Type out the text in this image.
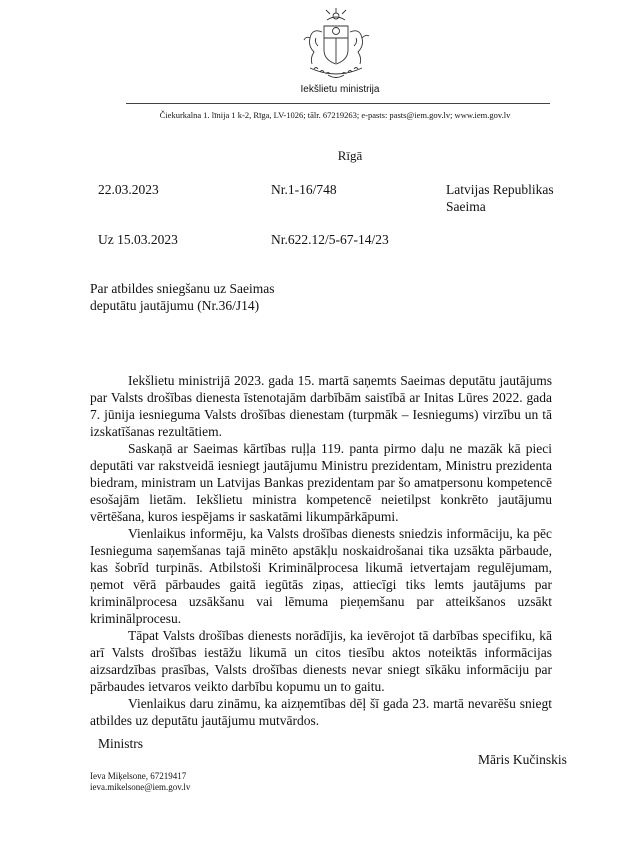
Iekšlietu ministrija
Čiekurkalna 1. līnija 1 k-2, Rīga, LV-1026; tālr. 67219263; e-pasts: pasts@iem.gov.lv; www.iem.gov.lv
Rīgā
22.03.2023	Nr.1-16/748	Latvijas Republikas
Saeima
Uz 15.03.2023	Nr.622.12/5-67-14/23
Par atbildes sniegšanu uz Saeimas
deputātu jautājumu (Nr.36/J14)

Iekšlietu ministrijā 2023. gada 15. martā saņemts Saeimas deputātu jautājums par Valsts drošības dienesta īstenotajām darbībām saistībā ar Initas Lūres 2022. gada 7. jūnija iesnieguma Valsts drošības dienestam (turpmāk – Iesniegums) virzību un tā izskatīšanas rezultātiem.

Saskaņā ar Saeimas kārtības ruļļa 119. panta pirmo daļu ne mazāk kā pieci deputāti var rakstveidā iesniegt jautājumu Ministru prezidentam, Ministru prezidenta biedram, ministram un Latvijas Bankas prezidentam par šo amatpersonu kompetencē esošajām lietām. Iekšlietu ministra kompetencē neietilpst konkrēto jautājumu vērtēšana, kuros iespējams ir saskatāmi likumpārkāpumi.

Vienlaikus informēju, ka Valsts drošības dienests sniedzis informāciju, ka pēc Iesnieguma saņemšanas tajā minēto apstākļu noskaidrošanai tika uzsākta pārbaude, kas šobrīd turpinās. Atbilstoši Kriminālprocesa likumā ietvertajam regulējumam, ņemot vērā pārbaudes gaitā iegūtās ziņas, attiecīgi tiks lemts jautājums par kriminālprocesa uzsākšanu vai lēmuma pieņemšanu par atteikšanos uzsākt kriminālprocesu.

Tāpat Valsts drošības dienests norādījis, ka ievērojot tā darbības specifiku, kā arī Valsts drošības iestāžu likumā un citos tiesību aktos noteiktās informācijas aizsardzības prasības, Valsts drošības dienests nevar sniegt sīkāku informāciju par pārbaudes ietvaros veikto darbību kopumu un to gaitu.

Vienlaikus daru zināmu, ka aizņemtības dēļ šī gada 23. martā nevarēšu sniegt atbildes uz deputātu jautājumu mutvārdos.

Ministrs
Māris Kučinskis
Ieva Miķelsone, 67219417
ieva.mikelsone@iem.gov.lv
